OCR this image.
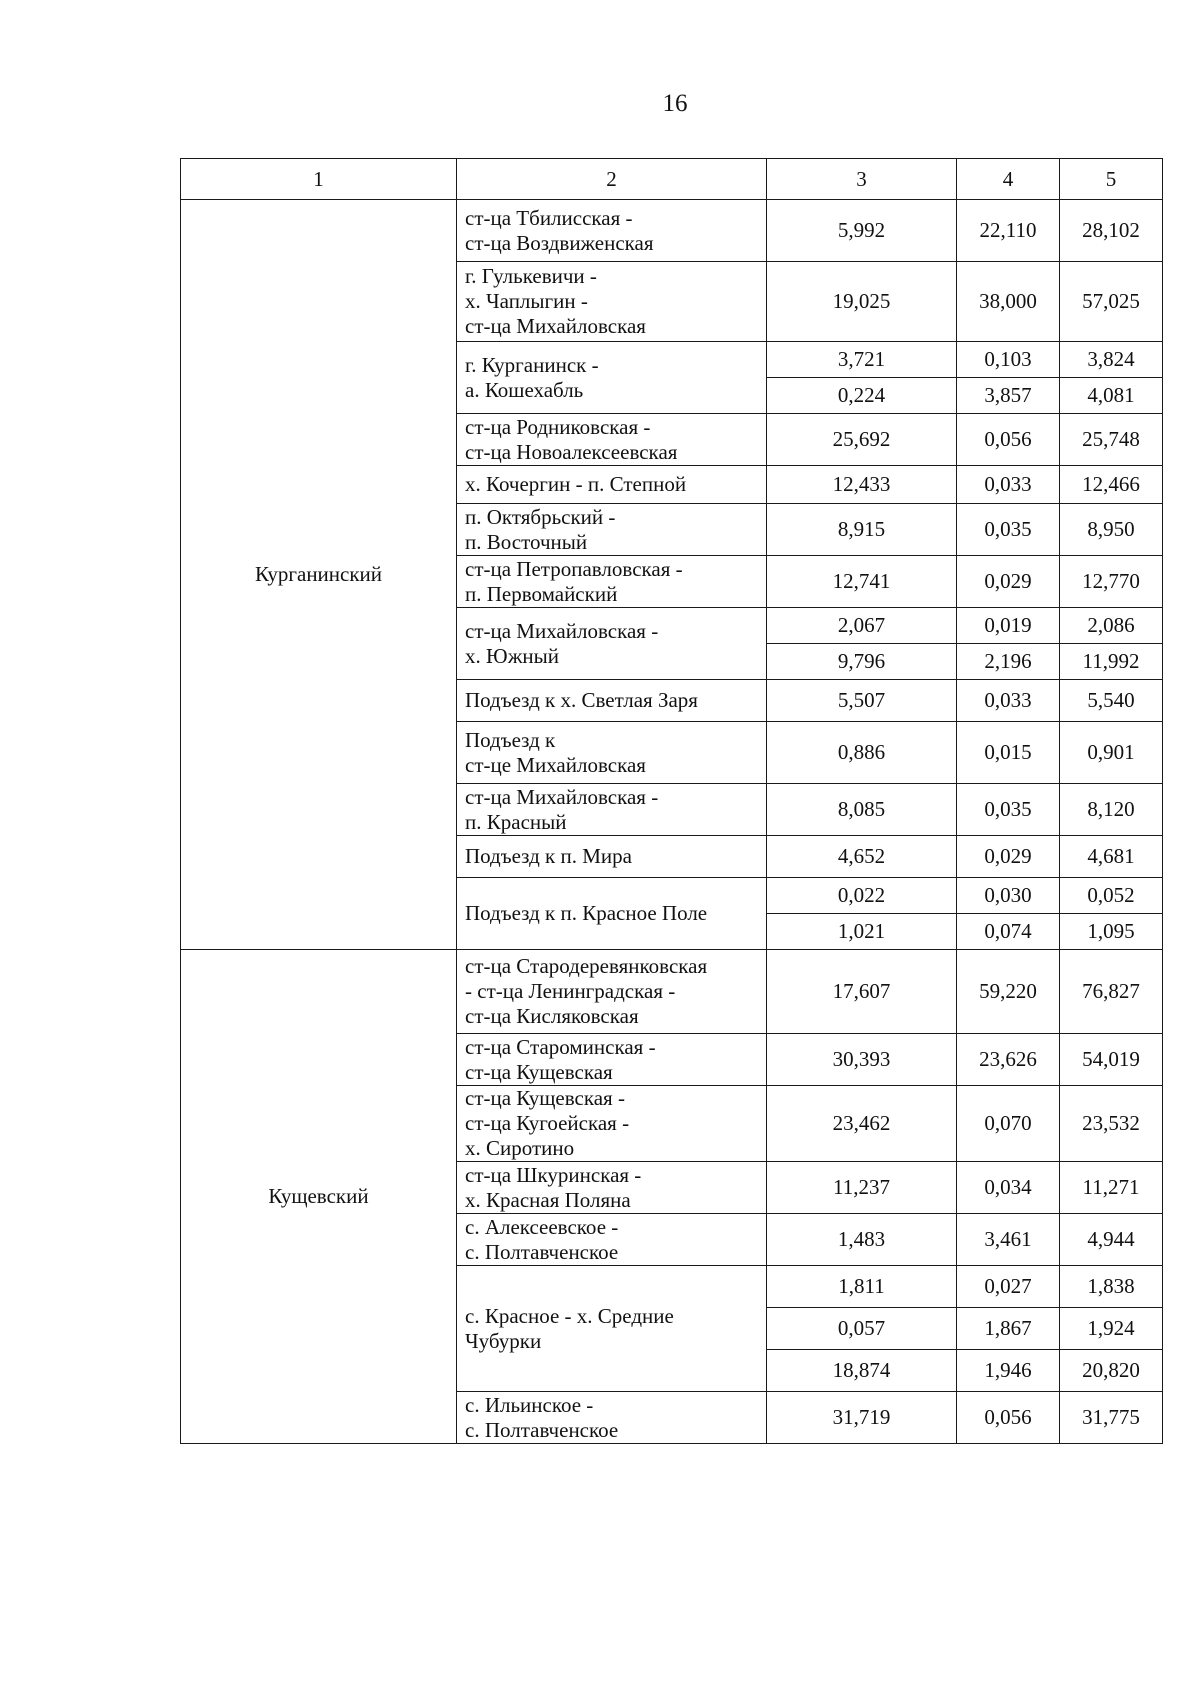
16
1	2	3	4	5
Курганинский	ст-ца Тбилисская -
ст-ца Воздвиженская	5,992	22,110	28,102
	г. Гулькевичи -
х. Чаплыгин -
ст-ца Михайловская	19,025	38,000	57,025
	г. Курганинск -
а. Кошехабль	3,721	0,103	3,824
		0,224	3,857	4,081
	ст-ца Родниковская -
ст-ца Новоалексеевская	25,692	0,056	25,748
	х. Кочергин - п. Степной	12,433	0,033	12,466
	п. Октябрьский -
п. Восточный	8,915	0,035	8,950
	ст-ца Петропавловская -
п. Первомайский	12,741	0,029	12,770
	ст-ца Михайловская -
х. Южный	2,067	0,019	2,086
		9,796	2,196	11,992
	Подъезд к х. Светлая Заря	5,507	0,033	5,540
	Подъезд к
ст-це Михайловская	0,886	0,015	0,901
	ст-ца Михайловская -
п. Красный	8,085	0,035	8,120
	Подъезд к п. Мира	4,652	0,029	4,681
	Подъезд к п. Красное Поле	0,022	0,030	0,052
		1,021	0,074	1,095
Кущевский	ст-ца Стародеревянковская
- ст-ца Ленинградская -
ст-ца Кисляковская	17,607	59,220	76,827
	ст-ца Староминская -
ст-ца Кущевская	30,393	23,626	54,019
	ст-ца Кущевская -
ст-ца Кугоейская -
х. Сиротино	23,462	0,070	23,532
	ст-ца Шкуринская -
х. Красная Поляна	11,237	0,034	11,271
	с. Алексеевское -
с. Полтавченское	1,483	3,461	4,944
	с. Красное - х. Средние
Чубурки	1,811	0,027	1,838
		0,057	1,867	1,924
		18,874	1,946	20,820
	с. Ильинское -
с. Полтавченское	31,719	0,056	31,775
